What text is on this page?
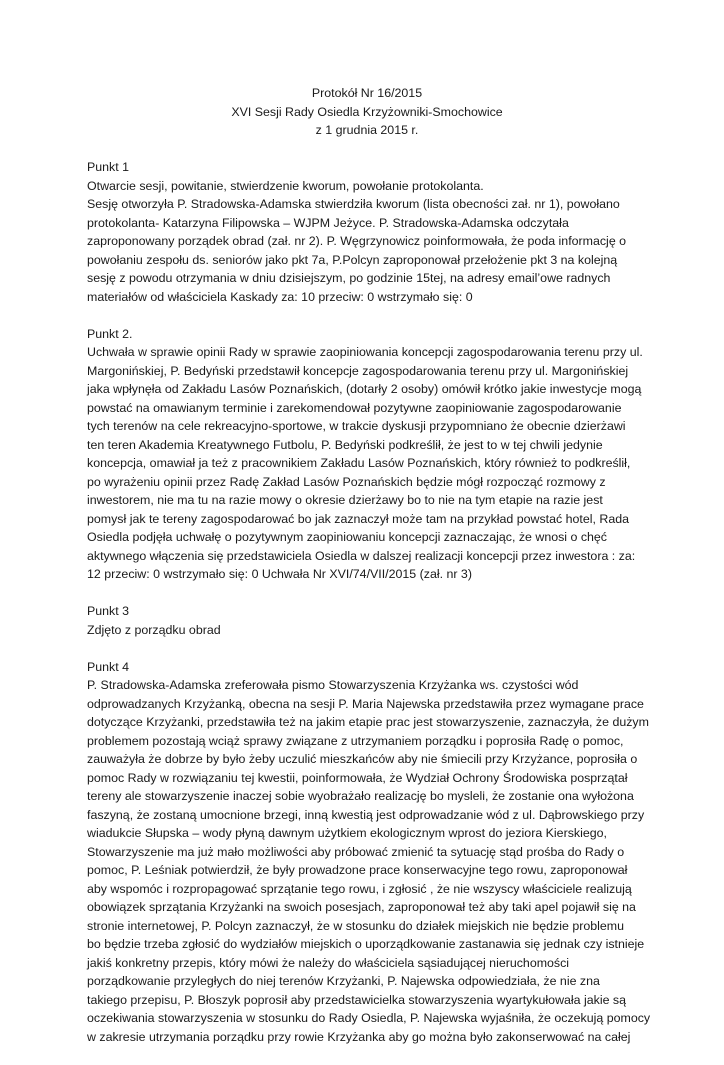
Protokół Nr 16/2015
XVI Sesji Rady Osiedla Krzyżowniki-Smochowice
z 1 grudnia 2015 r.
Punkt 1
Otwarcie sesji, powitanie, stwierdzenie kworum, powołanie protokolanta.
Sesję otworzyła P. Stradowska-Adamska stwierdziła kworum (lista obecności zał. nr 1), powołano
protokolanta- Katarzyna Filipowska – WJPM Jeżyce. P. Stradowska-Adamska odczytała
zaproponowany porządek obrad (zał. nr 2). P. Węgrzynowicz poinformowała, że poda informację o
powołaniu zespołu ds. seniorów jako pkt 7a, P.Polcyn zaproponował przełożenie pkt 3 na kolejną
sesję z powodu otrzymania w dniu dzisiejszym, po godzinie 15tej, na adresy email’owe radnych
materiałów od właściciela Kaskady za: 10 przeciw: 0 wstrzymało się: 0
Punkt 2.
Uchwała w sprawie opinii Rady w sprawie zaopiniowania koncepcji zagospodarowania terenu przy ul.
Margonińskiej, P. Bedyński przedstawił koncepcje zagospodarowania terenu przy ul. Margonińskiej
jaka wpłynęła od Zakładu Lasów Poznańskich, (dotarły 2 osoby) omówił krótko jakie inwestycje mogą
powstać na omawianym terminie i zarekomendował pozytywne zaopiniowanie zagospodarowanie
tych terenów na cele rekreacyjno-sportowe, w trakcie dyskusji przypomniano że obecnie dzierżawi
ten teren Akademia Kreatywnego Futbolu, P. Bedyński podkreślił, że jest to w tej chwili jedynie
koncepcja, omawiał ja też z pracownikiem Zakładu Lasów Poznańskich, który również to podkreślił,
po wyrażeniu opinii przez Radę Zakład Lasów Poznańskich będzie mógł rozpocząć rozmowy z
inwestorem, nie ma tu na razie mowy o okresie dzierżawy bo to nie na tym etapie na razie jest
pomysł jak te tereny zagospodarować bo jak zaznaczył może tam na przykład powstać hotel, Rada
Osiedla podjęła uchwałę o pozytywnym zaopiniowaniu koncepcji zaznaczając, że wnosi o chęć
aktywnego włączenia się przedstawiciela Osiedla w dalszej realizacji koncepcji przez inwestora : za:
12 przeciw: 0 wstrzymało się: 0 Uchwała Nr XVI/74/VII/2015 (zał. nr 3)
Punkt 3
Zdjęto z porządku obrad
Punkt 4
P. Stradowska-Adamska zreferowała pismo Stowarzyszenia Krzyżanka ws. czystości wód
odprowadzanych Krzyżanką, obecna na sesji P. Maria Najewska przedstawiła przez wymagane prace
dotyczące Krzyżanki, przedstawiła też na jakim etapie prac jest stowarzyszenie, zaznaczyła, że dużym
problemem pozostają wciąż sprawy związane z utrzymaniem porządku i poprosiła Radę o pomoc,
zauważyła że dobrze by było żeby uczulić mieszkańców aby nie śmiecili przy Krzyżance, poprosiła o
pomoc Rady w rozwiązaniu tej kwestii, poinformowała, że Wydział Ochrony Środowiska posprzątał
tereny ale stowarzyszenie inaczej sobie wyobrażało realizację bo myslelі, że zostanie ona wyłożona
faszyną, że zostaną umocnione brzegi, inną kwestią jest odprowadzanie wód z ul. Dąbrowskiego przy
wiadukcie Słupska – wody płyną dawnym użytkiem ekologicznym wprost do jeziora Kierskiego,
Stowarzyszenie ma już mało możliwości aby próbować zmienić ta sytuację stąd prośba do Rady o
pomoc, P. Leśniak potwierdził, że były prowadzone prace konserwacyjne tego rowu, zaproponował
aby wspomóc i rozpropagować sprzątanie tego rowu, i zgłosić , że nie wszyscy właściciele realizują
obowiązek sprzątania Krzyżanki na swoich posesjach, zaproponował też aby taki apel pojawił się na
stronie internetowej, P. Polcyn zaznaczył, że w stosunku do działek miejskich nie będzie problemu
bo będzie trzeba zgłosić do wydziałów miejskich o uporządkowanie zastanawia się jednak czy istnieje
jakiś konkretny przepis, który mówi że należy do właściciela sąsiadującej nieruchomości
porządkowanie przyległych do niej terenów Krzyżanki, P. Najewska odpowiedziała, że nie zna
takiego przepisu, P. Błoszyk poprosił aby przedstawicielka stowarzyszenia wyartykułowała jakie są
oczekiwania stowarzyszenia w stosunku do Rady Osiedla, P. Najewska wyjaśniła, że oczekują pomocy
w zakresie utrzymania porządku przy rowie Krzyżanka aby go można było zakonserwować na całej
